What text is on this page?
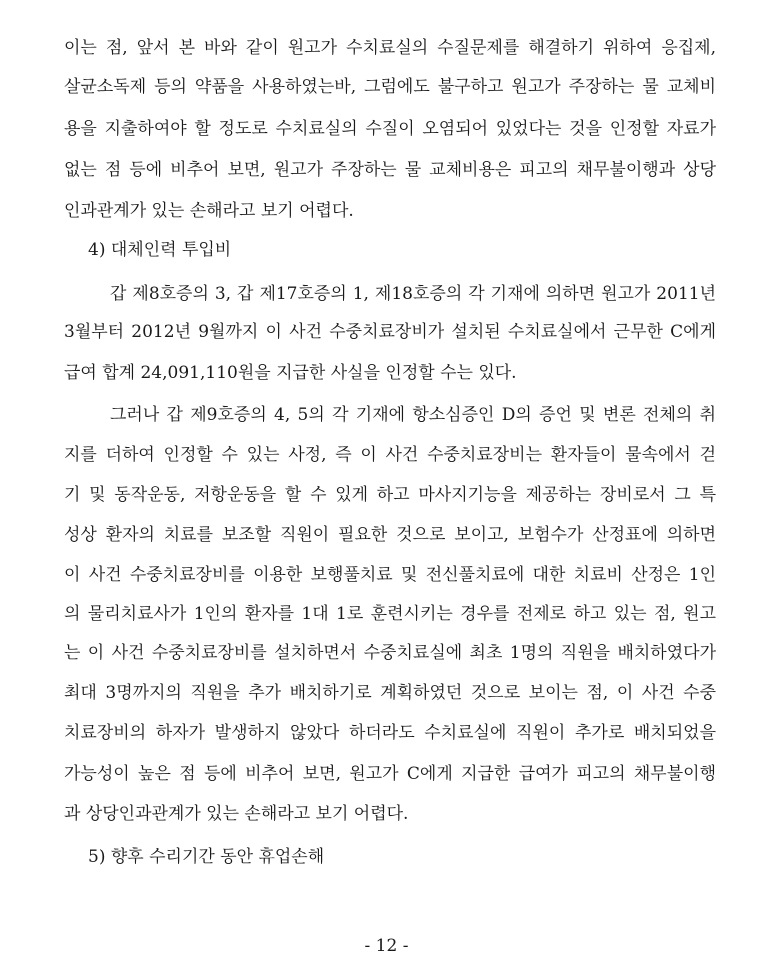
이는 점, 앞서 본 바와 같이 원고가 수치료실의 수질문제를 해결하기 위하여 응집제,
살균소독제 등의 약품을 사용하였는바, 그럼에도 불구하고 원고가 주장하는 물 교체비
용을 지출하여야 할 정도로 수치료실의 수질이 오염되어 있었다는 것을 인정할 자료가
없는 점 등에 비추어 보면, 원고가 주장하는 물 교체비용은 피고의 채무불이행과 상당
인과관계가 있는 손해라고 보기 어렵다.
4) 대체인력 투입비
갑 제8호증의 3, 갑 제17호증의 1, 제18호증의 각 기재에 의하면 원고가 2011년
3월부터 2012년 9월까지 이 사건 수중치료장비가 설치된 수치료실에서 근무한 C에게
급여 합계 24,091,110원을 지급한 사실을 인정할 수는 있다.
그러나 갑 제9호증의 4, 5의 각 기재에 항소심증인 D의 증언 및 변론 전체의 취
지를 더하여 인정할 수 있는 사정, 즉 이 사건 수중치료장비는 환자들이 물속에서 걷
기 및 동작운동, 저항운동을 할 수 있게 하고 마사지기능을 제공하는 장비로서 그 특
성상 환자의 치료를 보조할 직원이 필요한 것으로 보이고, 보험수가 산정표에 의하면
이 사건 수중치료장비를 이용한 보행풀치료 및 전신풀치료에 대한 치료비 산정은 1인
의 물리치료사가 1인의 환자를 1대 1로 훈련시키는 경우를 전제로 하고 있는 점, 원고
는 이 사건 수중치료장비를 설치하면서 수중치료실에 최초 1명의 직원을 배치하였다가
최대 3명까지의 직원을 추가 배치하기로 계획하였던 것으로 보이는 점, 이 사건 수중
치료장비의 하자가 발생하지 않았다 하더라도 수치료실에 직원이 추가로 배치되었을
가능성이 높은 점 등에 비추어 보면, 원고가 C에게 지급한 급여가 피고의 채무불이행
과 상당인과관계가 있는 손해라고 보기 어렵다.
5) 향후 수리기간 동안 휴업손해
- 12 -
